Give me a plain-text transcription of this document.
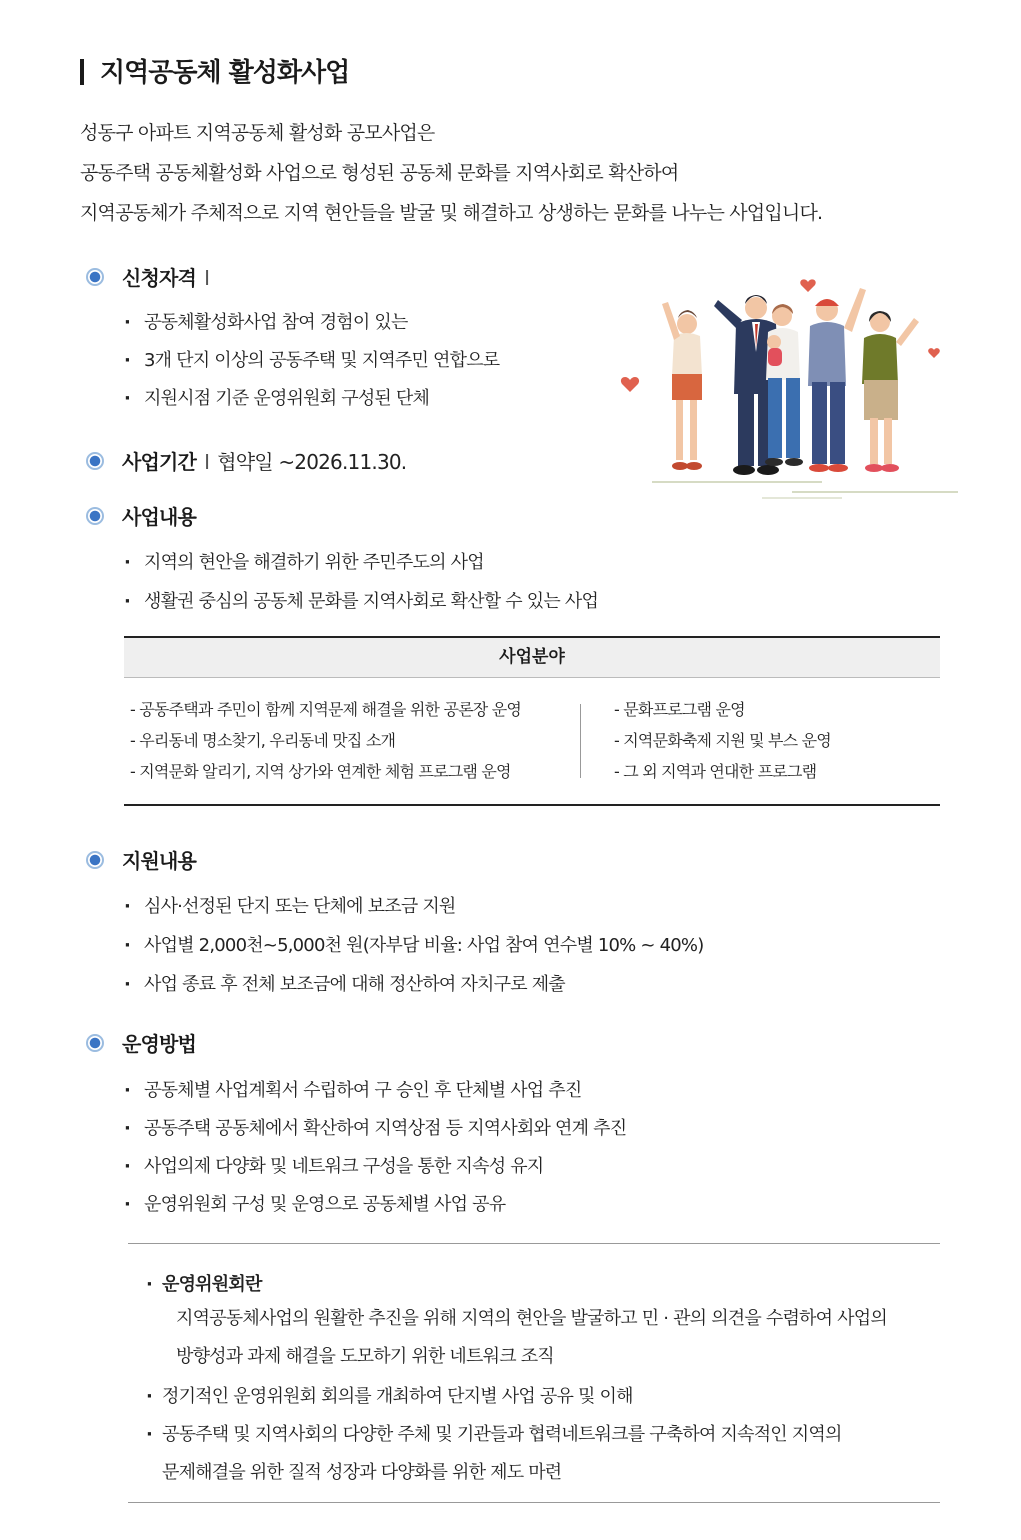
지역공동체 활성화사업

성동구 아파트 지역공동체 활성화 공모사업은

공동주택 공동체활성화 사업으로 형성된 공동체 문화를 지역사회로 확산하여

지역공동체가 주체적으로 지역 현안들을 발굴 및 해결하고 상생하는 문화를 나누는 사업입니다.

신청자격 I
· 공동체활성화사업 참여 경험이 있는
· 3개 단지 이상의 공동주택 및 지역주민 연합으로
· 지원시점 기준 운영위원회 구성된 단체
사업기간 I 협약일 ~2026.11.30.
사업내용
· 지역의 현안을 해결하기 위한 주민주도의 사업
· 생활권 중심의 공동체 문화를 지역사회로 확산할 수 있는 사업
사업분야
- 공동주택과 주민이 함께 지역문제 해결을 위한 공론장 운영
- 우리동네 명소찾기, 우리동네 맛집 소개
- 지역문화 알리기, 지역 상가와 연계한 체험 프로그램 운영
- 문화프로그램 운영
- 지역문화축제 지원 및 부스 운영
- 그 외 지역과 연대한 프로그램
지원내용
· 심사·선정된 단지 또는 단체에 보조금 지원
· 사업별 2,000천~5,000천 원(자부담 비율: 사업 참여 연수별 10% ~ 40%)
· 사업 종료 후 전체 보조금에 대해 정산하여 자치구로 제출
운영방법
· 공동체별 사업계획서 수립하여 구 승인 후 단체별 사업 추진
· 공동주택 공동체에서 확산하여 지역상점 등 지역사회와 연계 추진
· 사업의제 다양화 및 네트워크 구성을 통한 지속성 유지
· 운영위원회 구성 및 운영으로 공동체별 사업 공유
· 운영위원회란
지역공동체사업의 원활한 추진을 위해 지역의 현안을 발굴하고 민 · 관의 의견을 수렴하여 사업의
방향성과 과제 해결을 도모하기 위한 네트워크 조직
· 정기적인 운영위원회 회의를 개최하여 단지별 사업 공유 및 이해
· 공동주택 및 지역사회의 다양한 주체 및 기관들과 협력네트워크를 구축하여 지속적인 지역의
문제해결을 위한 질적 성장과 다양화를 위한 제도 마련
